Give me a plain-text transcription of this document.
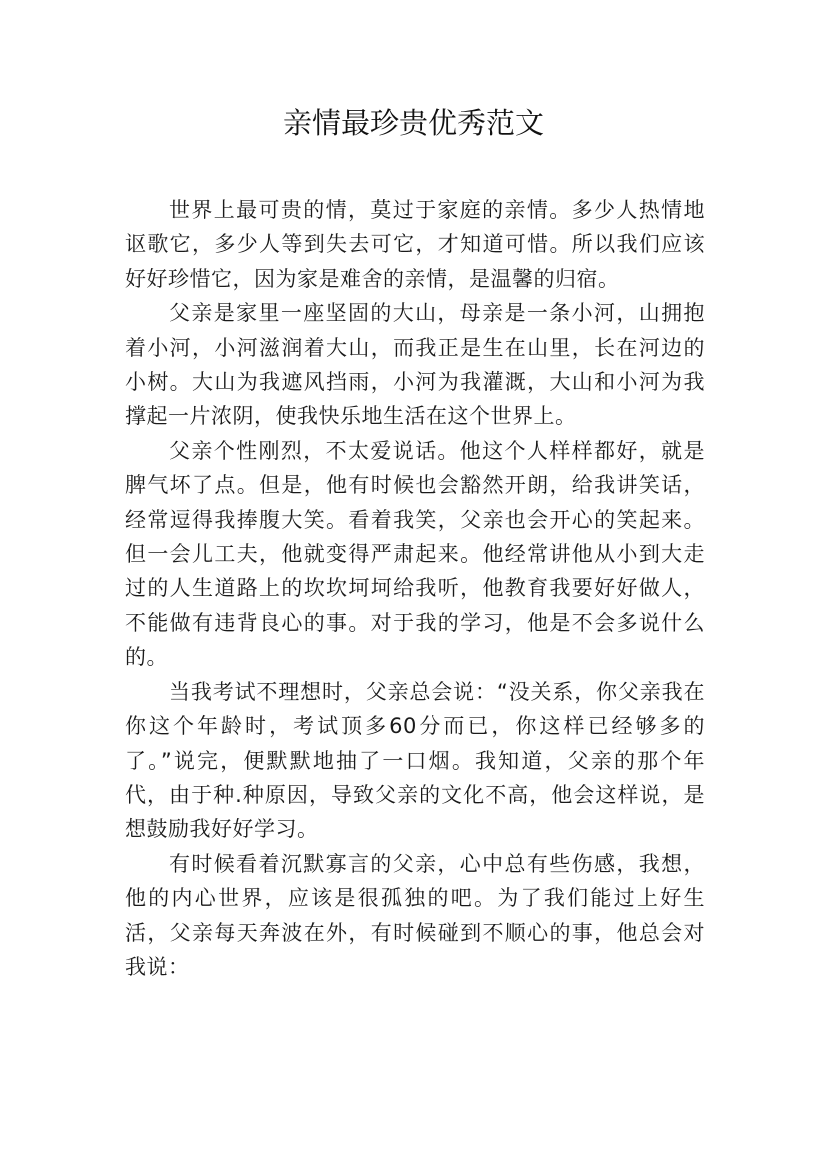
亲情最珍贵优秀范文

世界上最可贵的情，莫过于家庭的亲情。多少人热情地讴歌它，多少人等到失去可它，才知道可惜。所以我们应该好好珍惜它，因为家是难舍的亲情，是温馨的归宿。

父亲是家里一座坚固的大山，母亲是一条小河，山拥抱着小河，小河滋润着大山，而我正是生在山里，长在河边的小树。大山为我遮风挡雨，小河为我灌溉，大山和小河为我撑起一片浓阴，使我快乐地生活在这个世界上。

父亲个性刚烈，不太爱说话。他这个人样样都好，就是脾气坏了点。但是，他有时候也会豁然开朗，给我讲笑话，经常逗得我捧腹大笑。看着我笑，父亲也会开心的笑起来。但一会儿工夫，他就变得严肃起来。他经常讲他从小到大走过的人生道路上的坎坎坷坷给我听，他教育我要好好做人，不能做有违背良心的事。对于我的学习，他是不会多说什么的。

当我考试不理想时，父亲总会说：“没关系，你父亲我在你这个年龄时，考试顶多60分而已，你这样已经够多的了。”说完，便默默地抽了一口烟。我知道，父亲的那个年代，由于种.种原因，导致父亲的文化不高，他会这样说，是想鼓励我好好学习。

有时候看着沉默寡言的父亲，心中总有些伤感，我想，他的内心世界，应该是很孤独的吧。为了我们能过上好生活，父亲每天奔波在外，有时候碰到不顺心的事，他总会对我说：
